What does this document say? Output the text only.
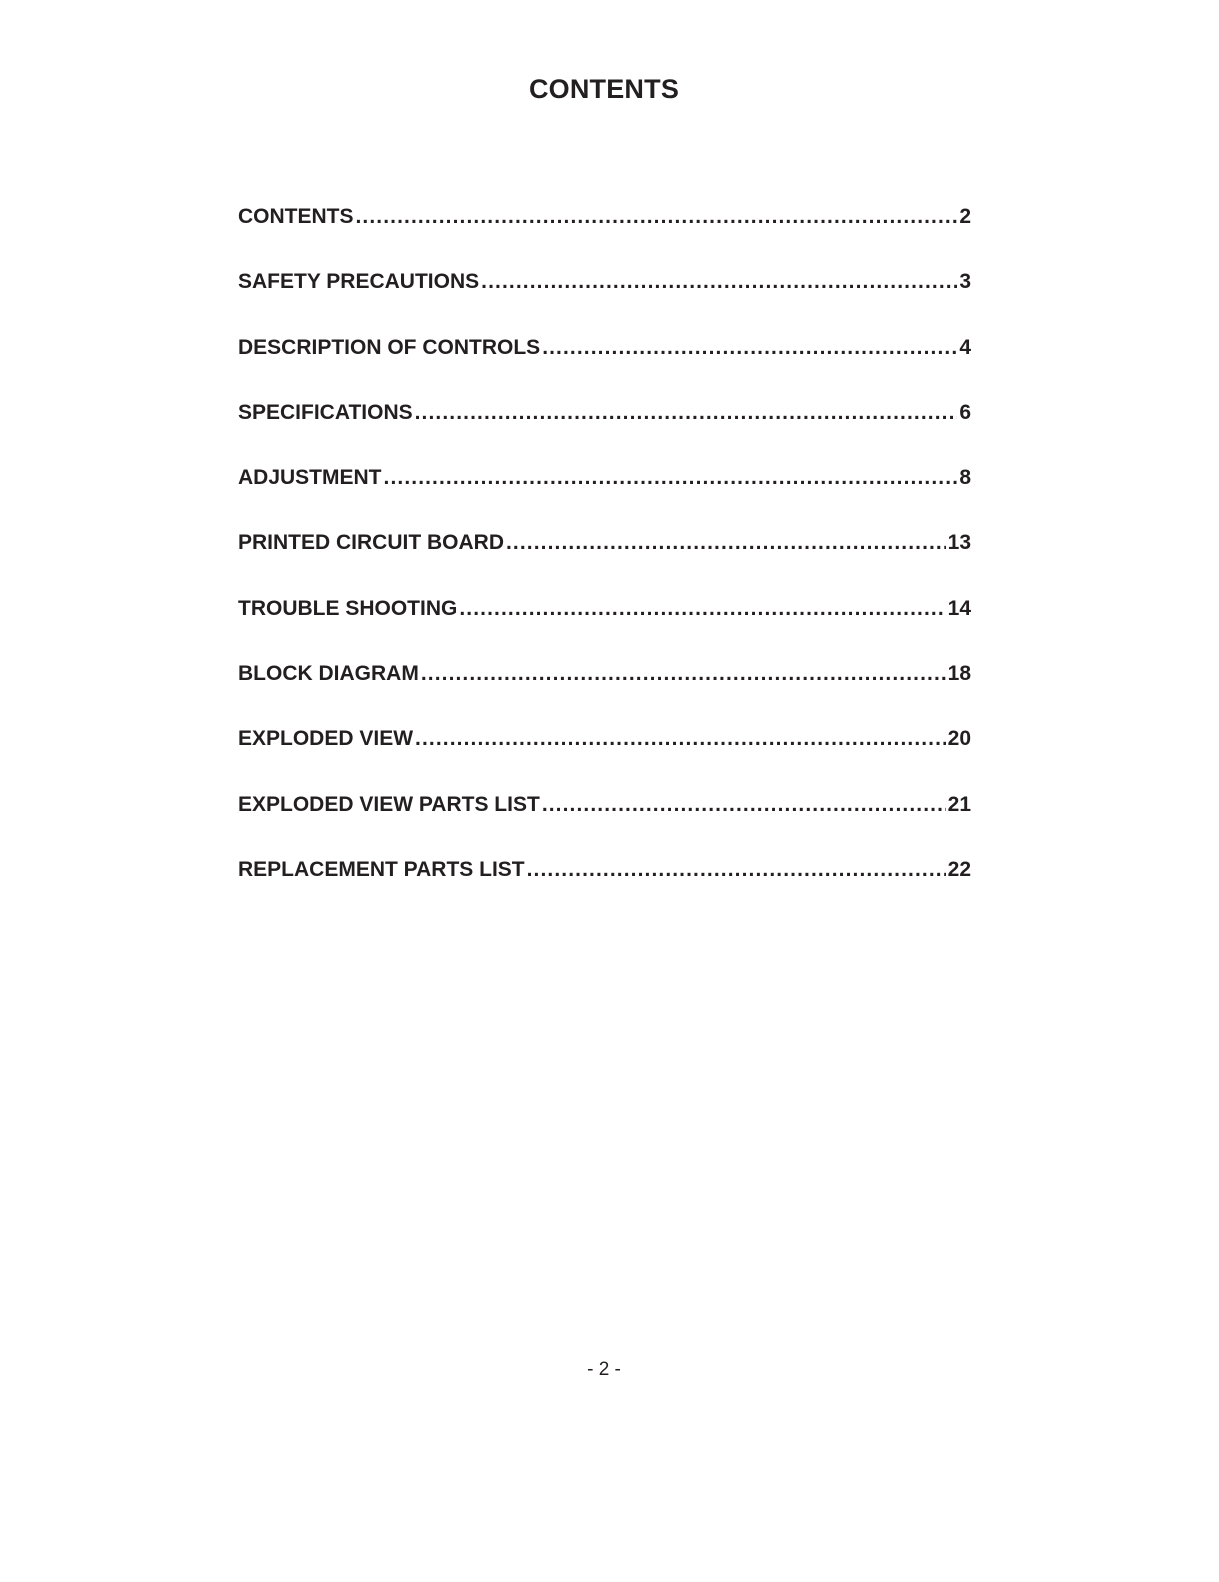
CONTENTS
CONTENTS .....	2
SAFETY PRECAUTIONS .....	3
DESCRIPTION OF CONTROLS .....	4
SPECIFICATIONS .....	6
ADJUSTMENT .....	8
PRINTED CIRCUIT BOARD .....	13
TROUBLE SHOOTING .....	14
BLOCK DIAGRAM .....	18
EXPLODED VIEW .....	20
EXPLODED VIEW PARTS LIST .....	21
REPLACEMENT PARTS LIST .....	22
- 2 -
